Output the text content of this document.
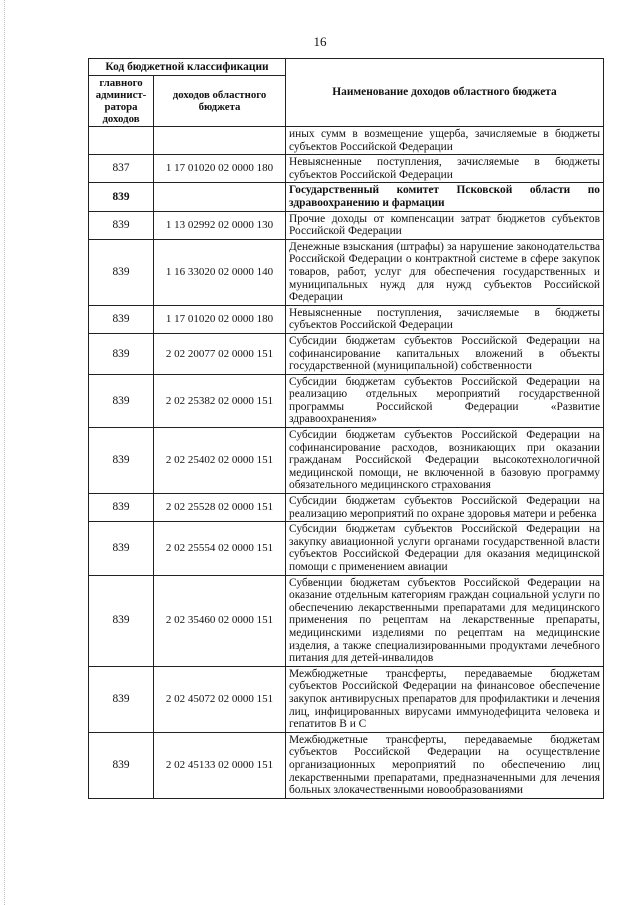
16
Код бюджетной классификации		Наименование доходов областного бюджета
главного админист-ратора доходов	доходов областного бюджета	
		иных сумм в возмещение ущерба, зачисляемые в бюджеты субъектов Российской Федерации
837	1 17 01020 02 0000 180	Невыясненные поступления, зачисляемые в бюджеты субъектов Российской Федерации
839		Государственный комитет Псковской области по здравоохранению и фармации
839	1 13 02992 02 0000 130	Прочие доходы от компенсации затрат бюджетов субъектов Российской Федерации
839	1 16 33020 02 0000 140	Денежные взыскания (штрафы) за нарушение законодательства Российской Федерации о контрактной системе в сфере закупок товаров, работ, услуг для обеспечения государственных и муниципальных нужд для нужд субъектов Российской Федерации
839	1 17 01020 02 0000 180	Невыясненные поступления, зачисляемые в бюджеты субъектов Российской Федерации
839	2 02 20077 02 0000 151	Субсидии бюджетам субъектов Российской Федерации на софинансирование капитальных вложений в объекты государственной (муниципальной) собственности
839	2 02 25382 02 0000 151	Субсидии бюджетам субъектов Российской Федерации на реализацию отдельных мероприятий государственной программы Российской Федерации «Развитие здравоохранения»
839	2 02 25402 02 0000 151	Субсидии бюджетам субъектов Российской Федерации на софинансирование расходов, возникающих при оказании гражданам Российской Федерации высокотехнологичной медицинской помощи, не включенной в базовую программу обязательного медицинского страхования
839	2 02 25528 02 0000 151	Субсидии бюджетам субъектов Российской Федерации на реализацию мероприятий по охране здоровья матери и ребенка
839	2 02 25554 02 0000 151	Субсидии бюджетам субъектов Российской Федерации на закупку авиационной услуги органами государственной власти субъектов Российской Федерации для оказания медицинской помощи с применением авиации
839	2 02 35460 02 0000 151	Субвенции бюджетам субъектов Российской Федерации на оказание отдельным категориям граждан социальной услуги по обеспечению лекарственными препаратами для медицинского применения по рецептам на лекарственные препараты, медицинскими изделиями по рецептам на медицинские изделия, а также специализированными продуктами лечебного питания для детей-инвалидов
839	2 02 45072 02 0000 151	Межбюджетные трансферты, передаваемые бюджетам субъектов Российской Федерации на финансовое обеспечение закупок антивирусных препаратов для профилактики и лечения лиц, инфицированных вирусами иммунодефицита человека и гепатитов B и C
839	2 02 45133 02 0000 151	Межбюджетные трансферты, передаваемые бюджетам субъектов Российской Федерации на осуществление организационных мероприятий по обеспечению лиц лекарственными препаратами, предназначенными для лечения больных злокачественными новообразованиями
